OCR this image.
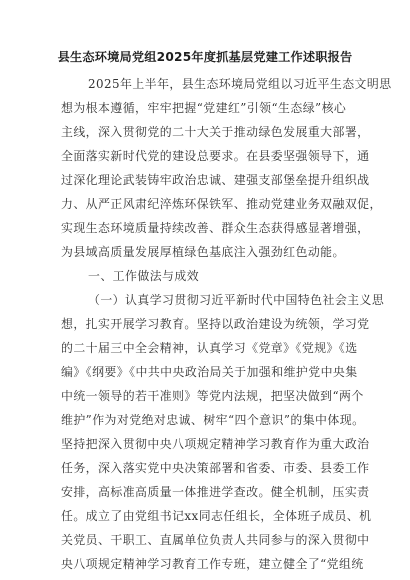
县生态环境局党组2025年度抓基层党建工作述职报告
2025年上半年，县生态环境局党组以习近平生态文明思
想为根本遵循，牢牢把握“党建红”引领“生态绿”核心
主线，深入贯彻党的二十大关于推动绿色发展重大部署，
全面落实新时代党的建设总要求。在县委坚强领导下，通
过深化理论武装铸牢政治忠诚、建强支部堡垒提升组织战
力、从严正风肃纪淬炼环保铁军、推动党建业务双融双促，
实现生态环境质量持续改善、群众生态获得感显著增强，
为县域高质量发展厚植绿色基底注入强劲红色动能。
一、工作做法与成效
（一）认真学习贯彻习近平新时代中国特色社会主义思
想，扎实开展学习教育。坚持以政治建设为统领，学习党
的二十届三中全会精神，认真学习《党章》《党规》《选
编》《纲要》《中共中央政治局关于加强和维护党中央集
中统一领导的若干准则》等党内法规，把坚决做到“两个
维护”作为对党绝对忠诚、树牢“四个意识”的集中体现。
坚持把深入贯彻中央八项规定精神学习教育作为重大政治
任务，深入落实党中央决策部署和省委、市委、县委工作
安排，高标准高质量一体推进学查改。健全机制，压实责
任。成立了由党组书记xx同志任组长，全体班子成员、机
关党员、干职工、直属单位负责人共同参与的深入贯彻中
央八项规定精神学习教育工作专班，建立健全了“党组统
